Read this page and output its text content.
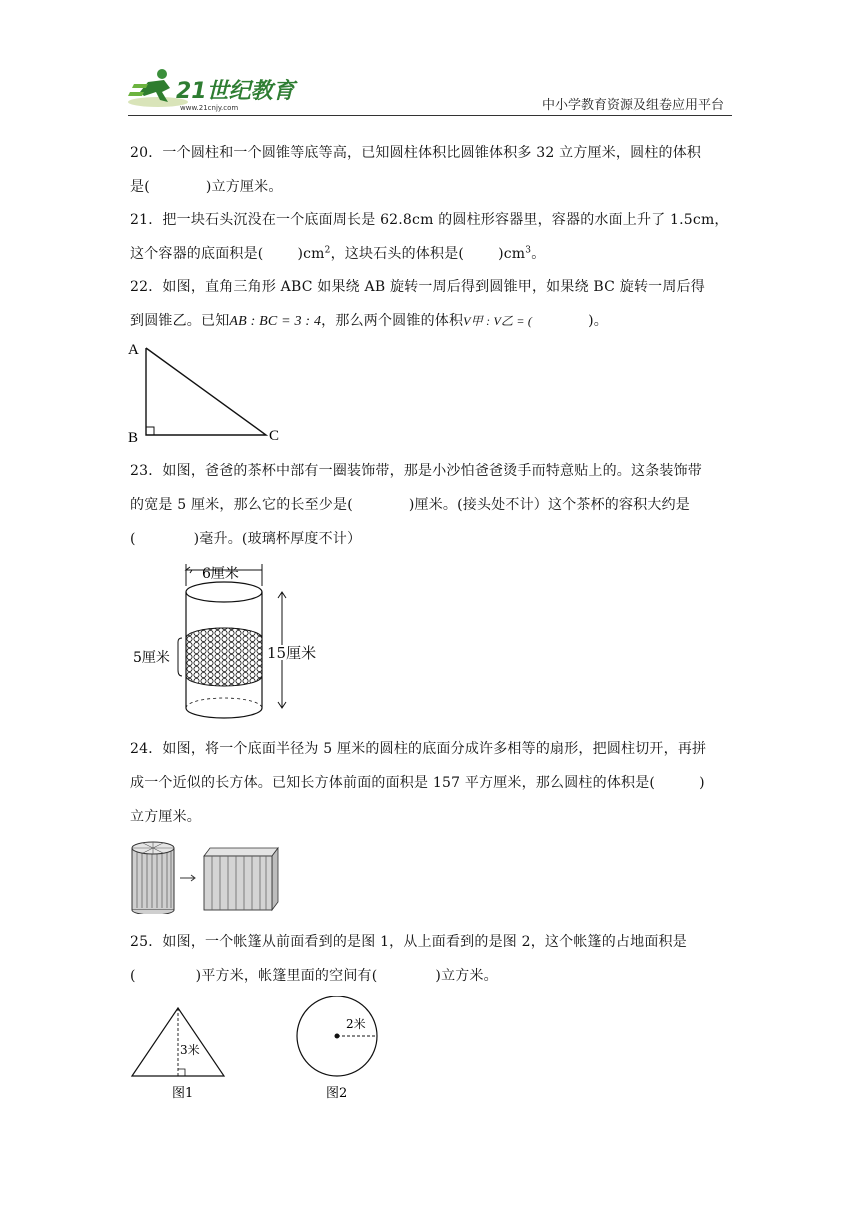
21世纪教育
www.21cnjy.com	中小学教育资源及组卷应用平台

20．一个圆柱和一个圆锥等底等高，已知圆柱体积比圆锥体积多 32 立方厘米，圆柱的体积

是(	)立方厘米。

21．把一块石头沉没在一个底面周长是 62.8cm 的圆柱形容器里，容器的水面上升了 1.5cm，

这个容器的底面积是( )$cm^2$，这块石头的体积是( )$cm^3$。

22．如图，直角三角形 ABC 如果绕 AB 旋转一周后得到圆锥甲，如果绕 BC 旋转一周后得

到圆锥乙。已知AB : BC = 3 : 4，那么两个圆锥的体积V甲 : V乙 = (	)。

A
B	C

23．如图，爸爸的茶杯中部有一圈装饰带，那是小沙怕爸爸烫手而特意贴上的。这条装饰带

的宽是 5 厘米，那么它的长至少是(	)厘米。(接头处不计）这个茶杯的容积大约是

(	)毫升。(玻璃杯厚度不计）

6厘米
5厘米	15厘米

24．如图，将一个底面半径为 5 厘米的圆柱的底面分成许多相等的扇形，把圆柱切开，再拼

成一个近似的长方体。已知长方体前面的面积是 157 平方厘米，那么圆柱的体积是(	)

立方厘米。

25．如图，一个帐篷从前面看到的是图 1，从上面看到的是图 2，这个帐篷的占地面积是

(	)平方米，帐篷里面的空间有(	)立方米。

3米
图1
2米
图2
